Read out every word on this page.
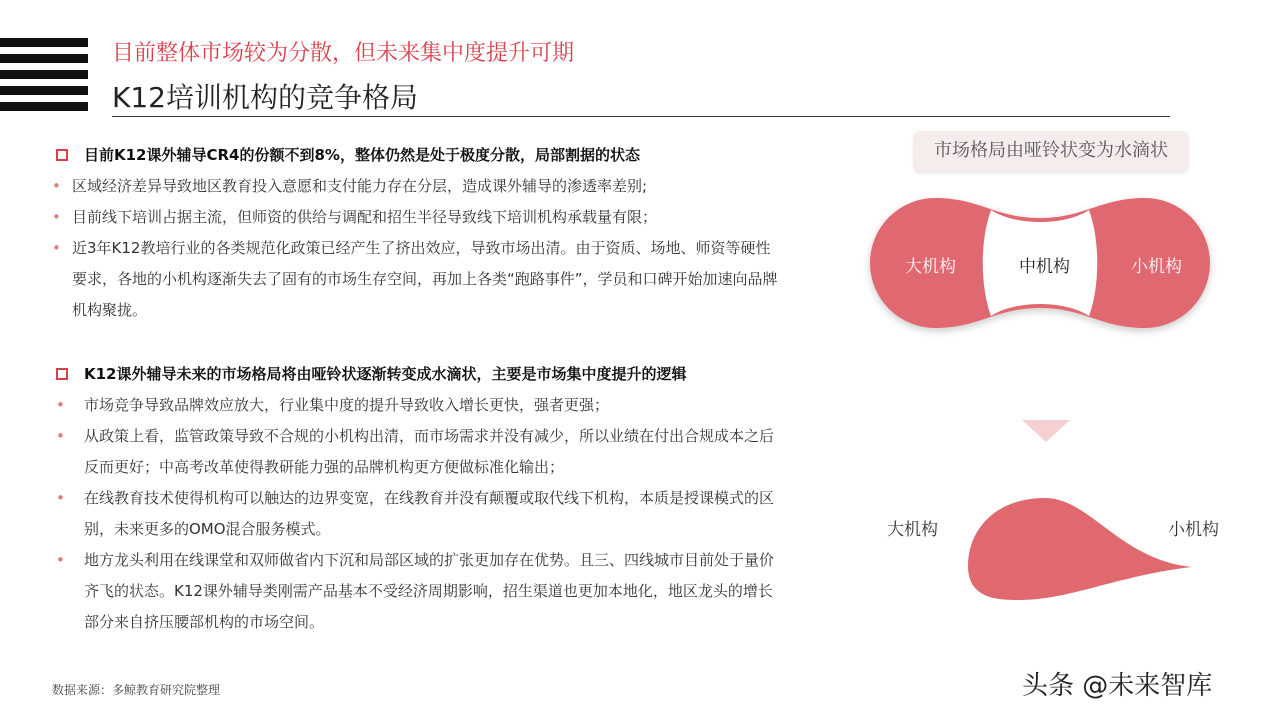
目前整体市场较为分散，但未来集中度提升可期
K12培训机构的竞争格局
目前K12课外辅导CR4的份额不到8%，整体仍然是处于极度分散，局部割据的状态
• 区域经济差异导致地区教育投入意愿和支付能力存在分层，造成课外辅导的渗透率差别;
• 目前线下培训占据主流，但师资的供给与调配和招生半径导致线下培训机构承载量有限；
• 近3年K12教培行业的各类规范化政策已经产生了挤出效应，导致市场出清。由于资质、场地、师资等硬性要求，各地的小机构逐渐失去了固有的市场生存空间，再加上各类“跑路事件”，学员和口碑开始加速向品牌机构聚拢。
K12课外辅导未来的市场格局将由哑铃状逐渐转变成水滴状，主要是市场集中度提升的逻辑
• 市场竞争导致品牌效应放大，行业集中度的提升导致收入增长更快，强者更强；
• 从政策上看，监管政策导致不合规的小机构出清，而市场需求并没有减少，所以业绩在付出合规成本之后反而更好；中高考改革使得教研能力强的品牌机构更方便做标准化输出；
• 在线教育技术使得机构可以触达的边界变宽，在线教育并没有颠覆或取代线下机构，本质是授课模式的区别，未来更多的OMO混合服务模式。
• 地方龙头利用在线课堂和双师做省内下沉和局部区域的扩张更加存在优势。且三、四线城市目前处于量价齐飞的状态。K12课外辅导类刚需产品基本不受经济周期影响，招生渠道也更加本地化，地区龙头的增长部分来自挤压腰部机构的市场空间。
数据来源：多鲸教育研究院整理
市场格局由哑铃状变为水滴状
大机构	中机构	小机构
大机构	小机构
头条 @未来智库
